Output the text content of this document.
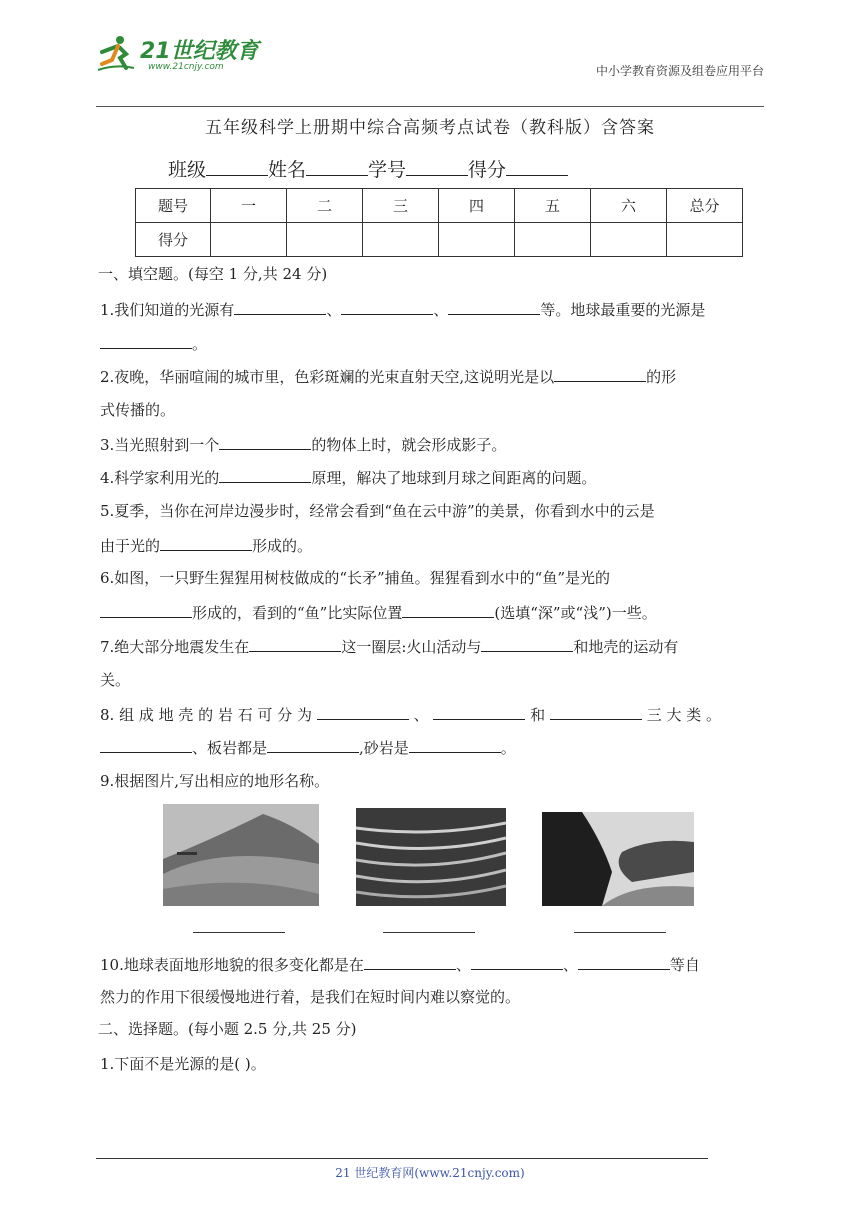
21世纪教育
www.21cnjy.com	中小学教育资源及组卷应用平台
五年级科学上册期中综合高频考点试卷（教科版）含答案
班级	姓名	学号	得分
题号	一	二	三	四	五	六	总分
得分							
一、填空题。(每空 1 分,共 24 分)
1.我们知道的光源有	、	、	等。地球最重要的光源是
。
2.夜晚，华丽喧闹的城市里，色彩斑斓的光束直射天空,这说明光是以	的形
式传播的。
3.当光照射到一个	的物体上时，就会形成影子。
4.科学家利用光的	原理，解决了地球到月球之间距离的问题。
5.夏季，当你在河岸边漫步时，经常会看到“鱼在云中游”的美景，你看到水中的云是
由于光的	形成的。
6.如图，一只野生猩猩用树枝做成的“长矛”捕鱼。猩猩看到水中的“鱼”是光的
形成的，看到的“鱼”比实际位置	(选填“深”或“浅”)一些。
7.绝大部分地震发生在	这一圈层:火山活动与	和地壳的运动有
关。
8. 组 成 地 壳 的 岩 石 可 分 为	、	和	三 大 类 。
、板岩都是	,砂岩是	。
9.根据图片,写出相应的地形名称。
10.地球表面地形地貌的很多变化都是在	、	、	等自
然力的作用下很缓慢地进行着，是我们在短时间内难以察觉的。
二、选择题。(每小题 2.5 分,共 25 分)
1.下面不是光源的是( )。
21 世纪教育网(www.21cnjy.com)
